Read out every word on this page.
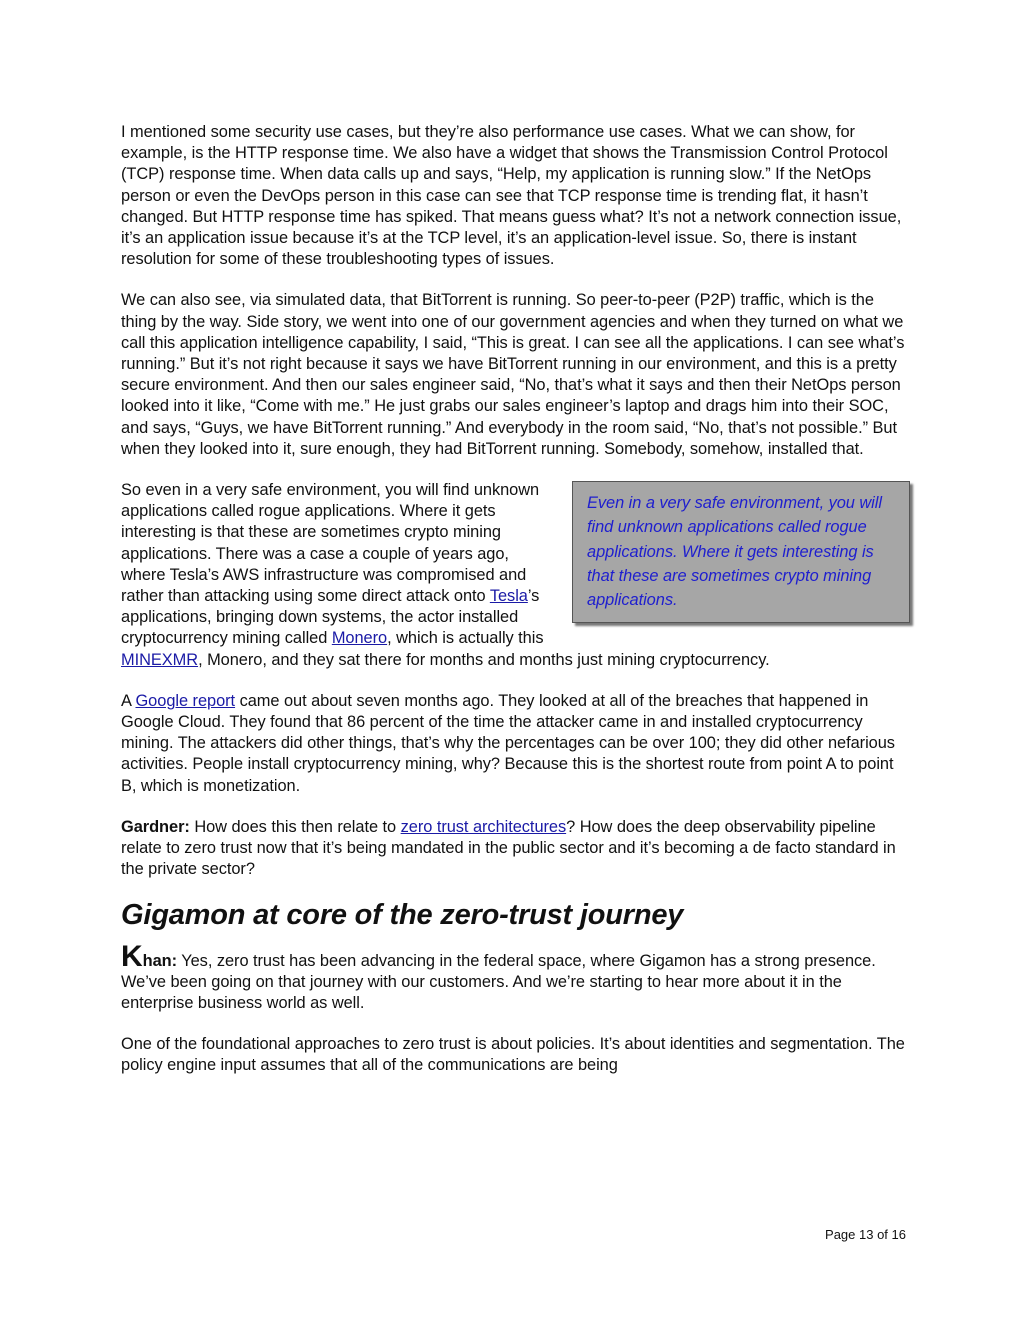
I mentioned some security use cases, but they’re also performance use cases. What we can show, for example, is the HTTP response time. We also have a widget that shows the Transmission Control Protocol (TCP) response time. When data calls up and says, “Help, my application is running slow.” If the NetOps person or even the DevOps person in this case can see that TCP response time is trending flat, it hasn’t changed. But HTTP response time has spiked. That means guess what? It’s not a network connection issue, it’s an application issue because it’s at the TCP level, it’s an application-level issue. So, there is instant resolution for some of these troubleshooting types of issues.

We can also see, via simulated data, that BitTorrent is running. So peer-to-peer (P2P) traffic, which is the thing by the way. Side story, we went into one of our government agencies and when they turned on what we call this application intelligence capability, I said, “This is great. I can see all the applications. I can see what’s running.” But it’s not right because it says we have BitTorrent running in our environment, and this is a pretty secure environment. And then our sales engineer said, “No, that’s what it says and then their NetOps person looked into it like, “Come with me.” He just grabs our sales engineer’s laptop and drags him into their SOC, and says, “Guys, we have BitTorrent running.” And everybody in the room said, “No, that’s not possible.” But when they looked into it, sure enough, they had BitTorrent running. Somebody, somehow, installed that.

Even in a very safe environment, you will find unknown applications called rogue applications. Where it gets interesting is that these are sometimes crypto mining applications.

So even in a very safe environment, you will find unknown applications called rogue applications. Where it gets interesting is that these are sometimes crypto mining applications. There was a case a couple of years ago, where Tesla’s AWS infrastructure was compromised and rather than attacking using some direct attack onto Tesla’s applications, bringing down systems, the actor installed cryptocurrency mining called Monero, which is actually this MINEXMR, Monero, and they sat there for months and months just mining cryptocurrency.

A Google report came out about seven months ago. They looked at all of the breaches that happened in Google Cloud. They found that 86 percent of the time the attacker came in and installed cryptocurrency mining. The attackers did other things, that’s why the percentages can be over 100; they did other nefarious activities. People install cryptocurrency mining, why? Because this is the shortest route from point A to point B, which is monetization.

Gardner: How does this then relate to zero trust architectures? How does the deep observability pipeline relate to zero trust now that it’s being mandated in the public sector and it’s becoming a de facto standard in the private sector?

Gigamon at core of the zero-trust journey

Khan: Yes, zero trust has been advancing in the federal space, where Gigamon has a strong presence. We’ve been going on that journey with our customers. And we’re starting to hear more about it in the enterprise business world as well.

One of the foundational approaches to zero trust is about policies. It’s about identities and segmentation. The policy engine input assumes that all of the communications are being

Page 13 of 16
